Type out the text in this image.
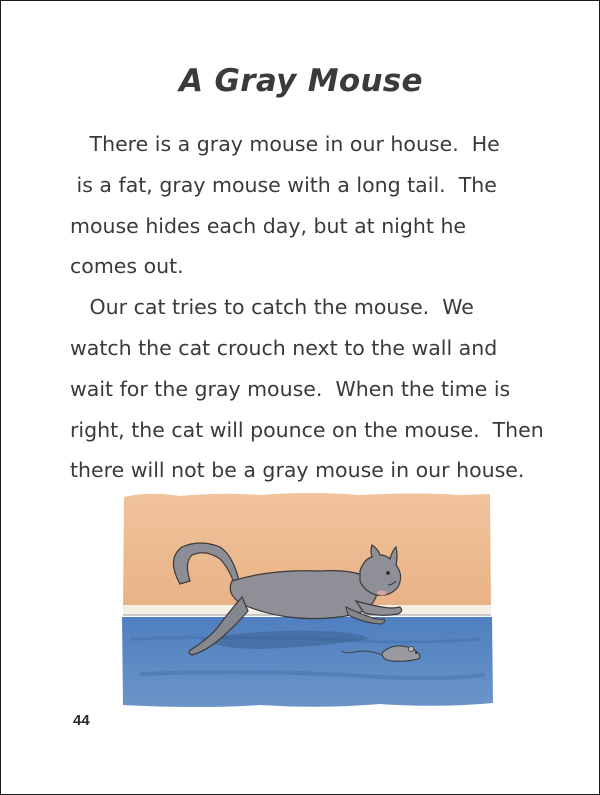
A Gray Mouse
There is a gray mouse in our house.  He
is a fat, gray mouse with a long tail.  The
mouse hides each day, but at night he
comes out.
Our cat tries to catch the mouse.  We
watch the cat crouch next to the wall and
wait for the gray mouse.  When the time is
right, the cat will pounce on the mouse.  Then
there will not be a gray mouse in our house.
44
